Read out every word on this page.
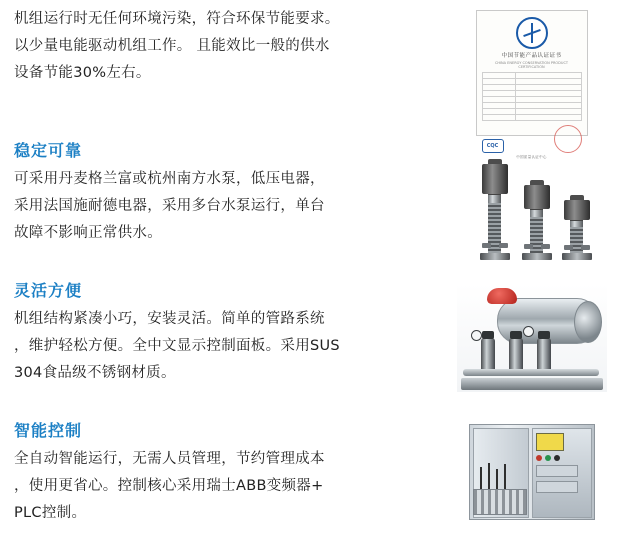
机组运行时无任何环境污染，符合环保节能要求。

以少量电能驱动机组工作。 且能效比一般的供水

设备节能30%左右。

中国节能产品认证证书
CHINA ENERGY CONSERVATION PRODUCT CERTIFICATION

CQC
中国质量认证中心
稳定可靠

可采用丹麦格兰富或杭州南方水泵，低压电器，

采用法国施耐德电器，采用多台水泵运行，单台

故障不影响正常供水。

灵活方便

机组结构紧凑小巧，安装灵活。简单的管路系统

，维护轻松方便。全中文显示控制面板。采用SUS

304食品级不锈钢材质。

智能控制

全自动智能运行，无需人员管理，节约管理成本

，使用更省心。控制核心采用瑞士ABB变频器+

PLC控制。
